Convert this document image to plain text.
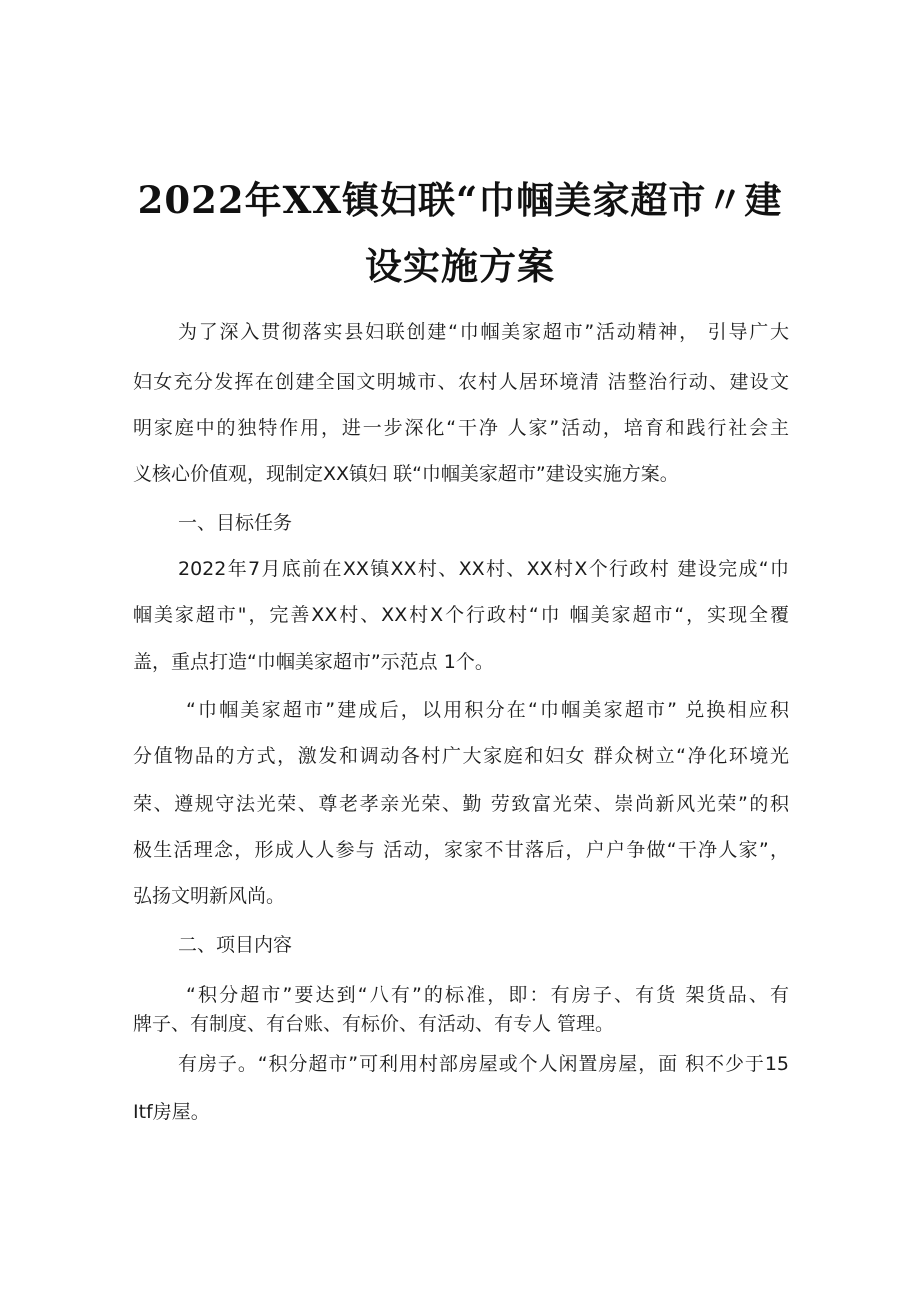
2022年XX镇妇联“巾帼美家超市〃建
设实施方案
为了深入贯彻落实县妇联创建“巾帼美家超市”活动精神， 引导广大
妇女充分发挥在创建全国文明城市、农村人居环境清 洁整治行动、建设文
明家庭中的独特作用，进一步深化“干净 人家”活动，培育和践行社会主
义核心价值观，现制定XX镇妇 联“巾帼美家超市”建设实施方案。
一、目标任务
2022年7月底前在XX镇XX村、XX村、XX村X个行政村 建设完成“巾
帼美家超市"，完善XX村、XX村X个行政村“巾 帼美家超市“，实现全覆
盖，重点打造“巾帼美家超市”示范点 1个。
“巾帼美家超市”建成后，以用积分在“巾帼美家超市” 兑换相应积
分值物品的方式，激发和调动各村广大家庭和妇女 群众树立“净化环境光
荣、遵规守法光荣、尊老孝亲光荣、勤 劳致富光荣、崇尚新风光荣”的积
极生活理念，形成人人参与 活动，家家不甘落后，户户争做“干净人家”，
弘扬文明新风尚。
二、项目内容
“积分超市”要达到“八有”的标准，即：有房子、有货 架货品、有
牌子、有制度、有台账、有标价、有活动、有专人 管理。
有房子。“积分超市”可利用村部房屋或个人闲置房屋，面 积不少于15
Itf房屋。
